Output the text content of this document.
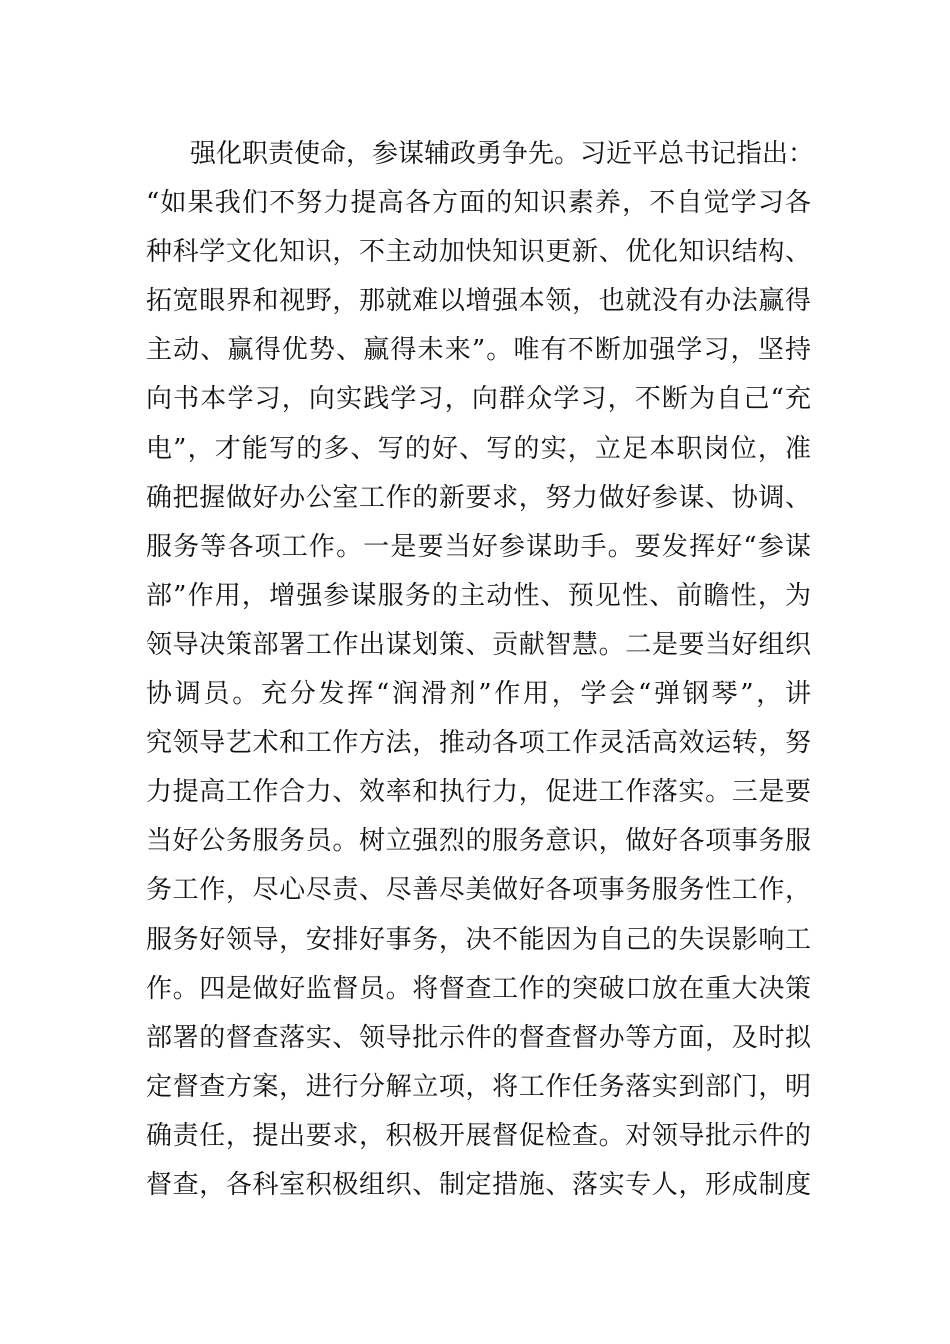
强化职责使命，参谋辅政勇争先。习近平总书记指出：
“如果我们不努力提高各方面的知识素养，不自觉学习各
种科学文化知识，不主动加快知识更新、优化知识结构、
拓宽眼界和视野，那就难以增强本领，也就没有办法赢得
主动、赢得优势、赢得未来”。唯有不断加强学习，坚持
向书本学习，向实践学习，向群众学习，不断为自己“充
电”，才能写的多、写的好、写的实，立足本职岗位，准
确把握做好办公室工作的新要求，努力做好参谋、协调、
服务等各项工作。一是要当好参谋助手。要发挥好“参谋
部”作用，增强参谋服务的主动性、预见性、前瞻性，为
领导决策部署工作出谋划策、贡献智慧。二是要当好组织
协调员。充分发挥“润滑剂”作用，学会“弹钢琴”，讲
究领导艺术和工作方法，推动各项工作灵活高效运转，努
力提高工作合力、效率和执行力，促进工作落实。三是要
当好公务服务员。树立强烈的服务意识，做好各项事务服
务工作，尽心尽责、尽善尽美做好各项事务服务性工作，
服务好领导，安排好事务，决不能因为自己的失误影响工
作。四是做好监督员。将督查工作的突破口放在重大决策
部署的督查落实、领导批示件的督查督办等方面，及时拟
定督查方案，进行分解立项，将工作任务落实到部门，明
确责任，提出要求，积极开展督促检查。对领导批示件的
督查，各科室积极组织、制定措施、落实专人，形成制度
